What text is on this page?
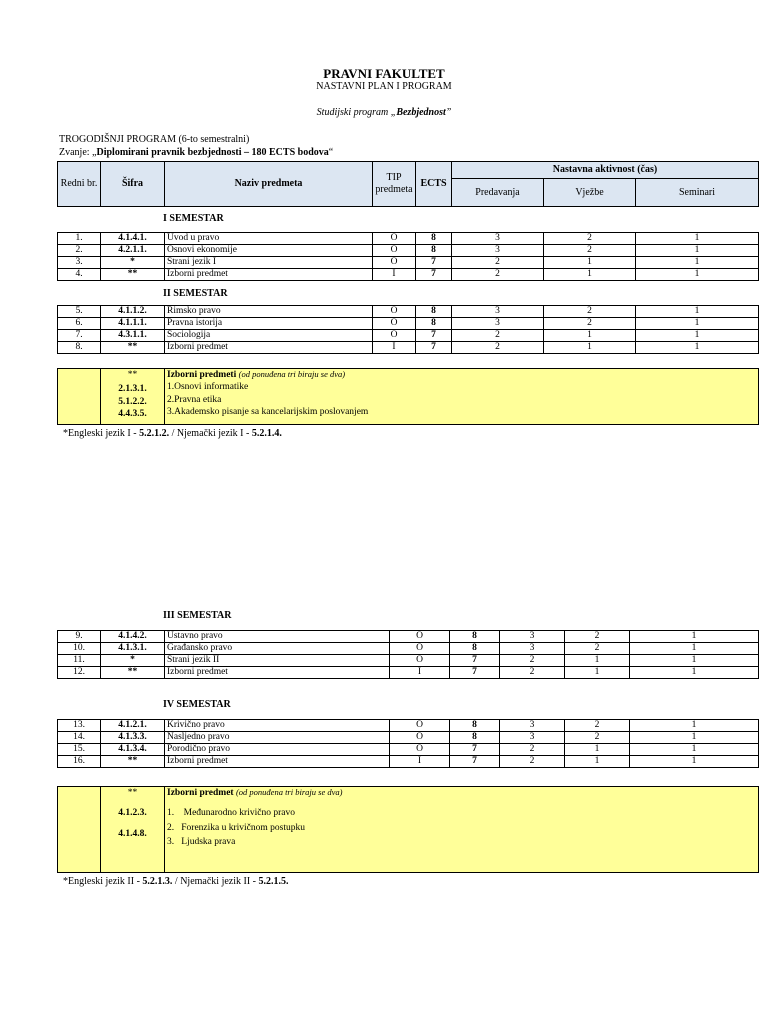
PRAVNI FAKULTET
NASTAVNI PLAN I PROGRAM
Studijski program „Bezbjednost”
TROGODIŠNJI PROGRAM (6-to semestralni)
Zvanje: „Diplomirani pravnik bezbjednosti – 180 ECTS bodova“
Redni br.	Šifra	Naziv predmeta	TIP predmeta	ECTS	Nastavna aktivnost (čas)		
					Predavanja	Vježbe	Seminari
I SEMESTAR
1.	4.1.4.1.	Uvod u pravo	O	8	3	2	1
2.	4.2.1.1.	Osnovi ekonomije	O	8	3	2	1
3.	*	Strani jezik I	O	7	2	1	1
4.	**	Izborni predmet	I	7	2	1	1
II SEMESTAR
5.	4.1.1.2.	Rimsko pravo	O	8	3	2	1
6.	4.1.1.1.	Pravna istorija	O	8	3	2	1
7.	4.3.1.1.	Sociologija	O	7	2	1	1
8.	**	Izborni predmet	I	7	2	1	1

**
2.1.3.1.
5.1.2.2.
4.4.3.5.

Izborni predmeti (od ponuđena tri biraju se dva)
1.Osnovi informatike
2.Pravna etika
3.Akademsko pisanje sa kancelarijskim poslovanjem
*Engleski jezik I - 5.2.1.2. / Njemački jezik I - 5.2.1.4.
III SEMESTAR
9.	4.1.4.2.	Ustavno pravo	O	8	3	2	1
10.	4.1.3.1.	Građansko pravo	O	8	3	2	1
11.	*	Strani jezik II	O	7	2	1	1
12.	**	Izborni predmet	I	7	2	1	1
IV SEMESTAR
13.	4.1.2.1.	Krivično pravo	O	8	3	2	1
14.	4.1.3.3.	Nasljedno pravo	O	8	3	2	1
15.	4.1.3.4.	Porodično pravo	O	7	2	1	1
16.	**	Izborni predmet	I	7	2	1	1

**
4.1.2.3.
4.1.4.8.

Izborni predmet (od ponuđena tri biraju se dva)
1.    Međunarodno krivično pravo
2.   Forenzika u krivičnom postupku
3.   Ljudska prava
*Engleski jezik II - 5.2.1.3. / Njemački jezik II - 5.2.1.5.
